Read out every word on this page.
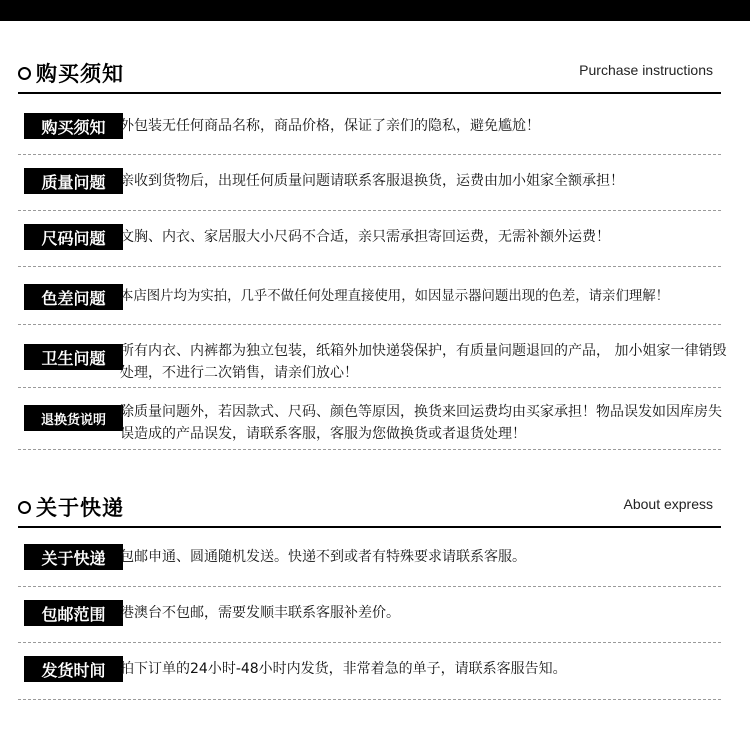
购买须知	Purchase instructions
购买须知	外包装无任何商品名称，商品价格，保证了亲们的隐私，避免尴尬！
质量问题	亲收到货物后，出现任何质量问题请联系客服退换货，运费由加小姐家全额承担！
尺码问题	文胸、内衣、家居服大小尺码不合适，亲只需承担寄回运费，无需补额外运费！
色差问题	本店图片均为实拍，几乎不做任何处理直接使用，如因显示器问题出现的色差，请亲们理解！
卫生问题	所有内衣、内裤都为独立包装，纸箱外加快递袋保护，有质量问题退回的产品， 加小姐家一律销毁处理，不进行二次销售，请亲们放心！
退换货说明	除质量问题外，若因款式、尺码、颜色等原因，换货来回运费均由买家承担！物品误发如因库房失误造成的产品误发，请联系客服，客服为您做换货或者退货处理！
关于快递	About express
关于快递	包邮申通、圆通随机发送。快递不到或者有特殊要求请联系客服。
包邮范围	港澳台不包邮，需要发顺丰联系客服补差价。
发货时间	拍下订单的24小时-48小时内发货，非常着急的单子，请联系客服告知。
